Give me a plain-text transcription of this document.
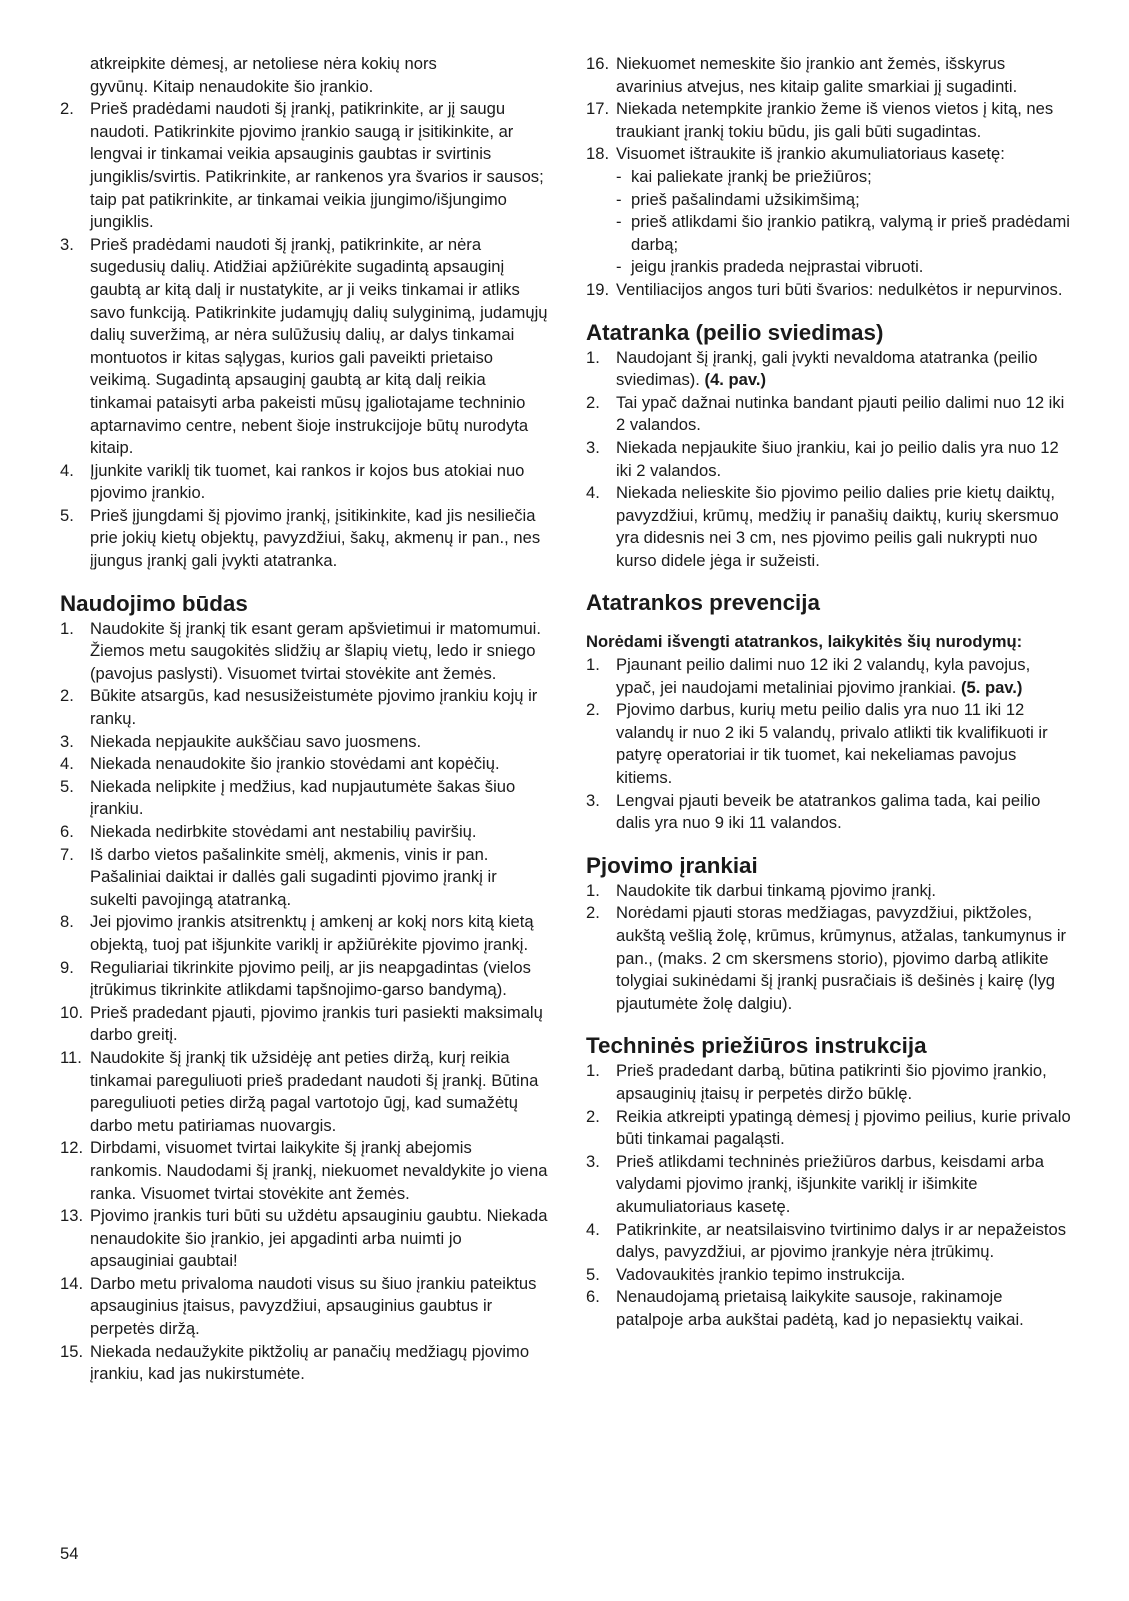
atkreipkite dėmesį, ar netoliese nėra kokių nors
gyvūnų. Kitaip nenaudokite šio įrankio.
2. Prieš pradėdami naudoti šį įrankį, patikrinkite, ar jį saugu naudoti. Patikrinkite pjovimo įrankio saugą ir įsitikinkite, ar lengvai ir tinkamai veikia apsauginis gaubtas ir svirtinis jungiklis/svirtis. Patikrinkite, ar rankenos yra švarios ir sausos; taip pat patikrinkite, ar tinkamai veikia įjungimo/išjungimo jungiklis.
3. Prieš pradėdami naudoti šį įrankį, patikrinkite, ar nėra sugedusių dalių. Atidžiai apžiūrėkite sugadintą apsauginį gaubtą ar kitą dalį ir nustatykite, ar ji veiks tinkamai ir atliks savo funkciją. Patikrinkite judamųjų dalių sulyginimą, judamųjų dalių suveržimą, ar nėra sulūžusių dalių, ar dalys tinkamai montuotos ir kitas sąlygas, kurios gali paveikti prietaiso veikimą. Sugadintą apsauginį gaubtą ar kitą dalį reikia tinkamai pataisyti arba pakeisti mūsų įgaliotajame techninio aptarnavimo centre, nebent šioje instrukcijoje būtų nurodyta kitaip.
4. Įjunkite variklį tik tuomet, kai rankos ir kojos bus atokiai nuo pjovimo įrankio.
5. Prieš įjungdami šį pjovimo įrankį, įsitikinkite, kad jis nesiliečia prie jokių kietų objektų, pavyzdžiui, šakų, akmenų ir pan., nes įjungus įrankį gali įvykti atatranka.
Naudojimo būdas
1. Naudokite šį įrankį tik esant geram apšvietimui ir matomumui. Žiemos metu saugokitės slidžių ar šlapių vietų, ledo ir sniego (pavojus paslysti). Visuomet tvirtai stovėkite ant žemės.
2. Būkite atsargūs, kad nesusižeistumėte pjovimo įrankiu kojų ir rankų.
3. Niekada nepjaukite aukščiau savo juosmens.
4. Niekada nenaudokite šio įrankio stovėdami ant kopėčių.
5. Niekada nelipkite į medžius, kad nupjautumėte šakas šiuo įrankiu.
6. Niekada nedirbkite stovėdami ant nestabilių paviršių.
7. Iš darbo vietos pašalinkite smėlį, akmenis, vinis ir pan. Pašaliniai daiktai ir dallės gali sugadinti pjovimo įrankį ir sukelti pavojingą atatranką.
8. Jei pjovimo įrankis atsitrenktų į amkenį ar kokį nors kitą kietą objektą, tuoj pat išjunkite variklį ir apžiūrėkite pjovimo įrankį.
9. Reguliariai tikrinkite pjovimo peilį, ar jis neapgadintas (vielos įtrūkimus tikrinkite atlikdami tapšnojimo-garso bandymą).
10. Prieš pradedant pjauti, pjovimo įrankis turi pasiekti maksimalų darbo greitį.
11. Naudokite šį įrankį tik užsidėję ant peties diržą, kurį reikia tinkamai pareguliuoti prieš pradedant naudoti šį įrankį. Būtina pareguliuoti peties diržą pagal vartotojo ūgį, kad sumažėtų darbo metu patiriamas nuovargis.
12. Dirbdami, visuomet tvirtai laikykite šį įrankį abejomis rankomis. Naudodami šį įrankį, niekuomet nevaldykite jo viena ranka. Visuomet tvirtai stovėkite ant žemės.
13. Pjovimo įrankis turi būti su uždėtu apsauginiu gaubtu. Niekada nenaudokite šio įrankio, jei apgadinti arba nuimti jo apsauginiai gaubtai!
14. Darbo metu privaloma naudoti visus su šiuo įrankiu pateiktus apsauginius įtaisus, pavyzdžiui, apsauginius gaubtus ir perpetės diržą.
15. Niekada nedaužykite piktžolių ar panačių medžiagų pjovimo įrankiu, kad jas nukirstumėte.
16. Niekuomet nemeskite šio įrankio ant žemės, išskyrus avarinius atvejus, nes kitaip galite smarkiai jį sugadinti.
17. Niekada netempkite įrankio žeme iš vienos vietos į kitą, nes traukiant įrankį tokiu būdu, jis gali būti sugadintas.
18. Visuomet ištraukite iš įrankio akumuliatoriaus kasetę:
- kai paliekate įrankį be priežiūros;
- prieš pašalindami užsikimšimą;
- prieš atlikdami šio įrankio patikrą, valymą ir prieš pradėdami darbą;
- jeigu įrankis pradeda neįprastai vibruoti.
19. Ventiliacijos angos turi būti švarios: nedulkėtos ir nepurvinos.
Atatranka (peilio sviedimas)
1. Naudojant šį įrankį, gali įvykti nevaldoma atatranka (peilio sviedimas). (4. pav.)
2. Tai ypač dažnai nutinka bandant pjauti peilio dalimi nuo 12 iki 2 valandos.
3. Niekada nepjaukite šiuo įrankiu, kai jo peilio dalis yra nuo 12 iki 2 valandos.
4. Niekada nelieskite šio pjovimo peilio dalies prie kietų daiktų, pavyzdžiui, krūmų, medžių ir panašių daiktų, kurių skersmuo yra didesnis nei 3 cm, nes pjovimo peilis gali nukrypti nuo kurso didele jėga ir sužeisti.
Atatrankos prevencija

Norėdami išvengti atatrankos, laikykitės šių nurodymų:

1. Pjaunant peilio dalimi nuo 12 iki 2 valandų, kyla pavojus, ypač, jei naudojami metaliniai pjovimo įrankiai. (5. pav.)
2. Pjovimo darbus, kurių metu peilio dalis yra nuo 11 iki 12 valandų ir nuo 2 iki 5 valandų, privalo atlikti tik kvalifikuoti ir patyrę operatoriai ir tik tuomet, kai nekeliamas pavojus kitiems.
3. Lengvai pjauti beveik be atatrankos galima tada, kai peilio dalis yra nuo 9 iki 11 valandos.
Pjovimo įrankiai
1. Naudokite tik darbui tinkamą pjovimo įrankį.
2. Norėdami pjauti storas medžiagas, pavyzdžiui, piktžoles, aukštą vešlią žolę, krūmus, krūmynus, atžalas, tankumynus ir pan., (maks. 2 cm skersmens storio), pjovimo darbą atlikite tolygiai sukinėdami šį įrankį pusračiais iš dešinės į kairę (lyg pjautumėte žolę dalgiu).
Techninės priežiūros instrukcija
1. Prieš pradedant darbą, būtina patikrinti šio pjovimo įrankio, apsauginių įtaisų ir perpetės diržo būklę.
2. Reikia atkreipti ypatingą dėmesį į pjovimo peilius, kurie privalo būti tinkamai pagaląsti.
3. Prieš atlikdami techninės priežiūros darbus, keisdami arba valydami pjovimo įrankį, išjunkite variklį ir išimkite akumuliatoriaus kasetę.
4. Patikrinkite, ar neatsilaisvino tvirtinimo dalys ir ar nepažeistos dalys, pavyzdžiui, ar pjovimo įrankyje nėra įtrūkimų.
5. Vadovaukitės įrankio tepimo instrukcija.
6. Nenaudojamą prietaisą laikykite sausoje, rakinamoje patalpoje arba aukštai padėtą, kad jo nepasiektų vaikai.
54
